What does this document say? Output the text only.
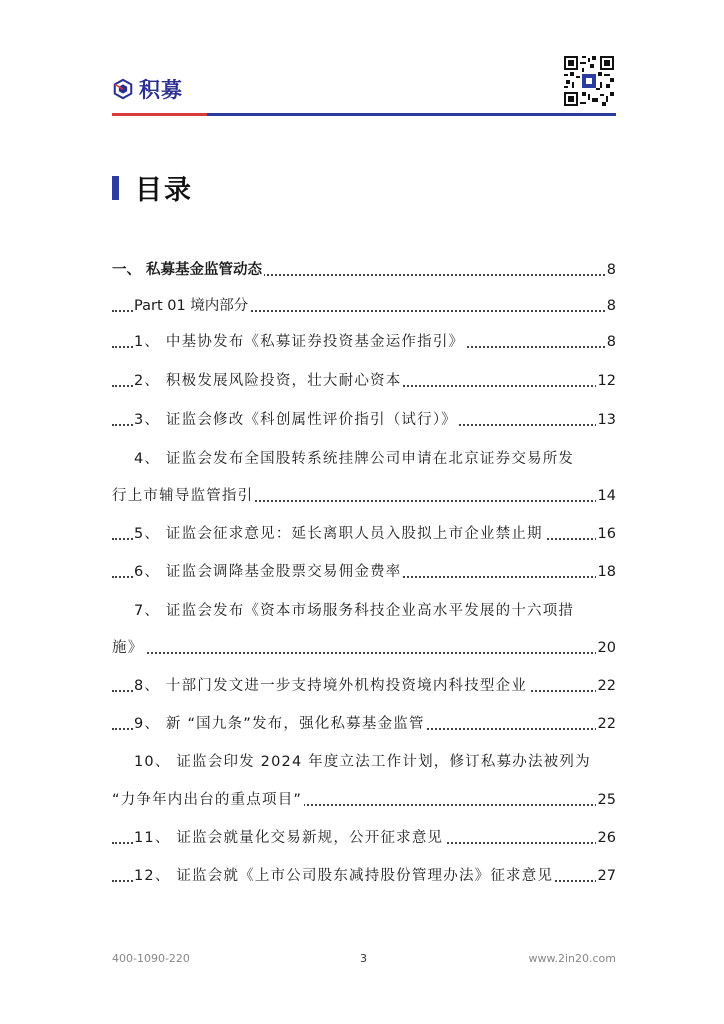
积募
目录
一、 私募基金监管动态	8
Part 01 境内部分	8
1、 中基协发布《私募证券投资基金运作指引》	8
2、 积极发展风险投资，壮大耐心资本	12
3、 证监会修改《科创属性评价指引（试行）》	13
4、 证监会发布全国股转系统挂牌公司申请在北京证券交易所发
行上市辅导监管指引	14
5、 证监会征求意见：延长离职人员入股拟上市企业禁止期	16
6、 证监会调降基金股票交易佣金费率	18
7、 证监会发布《资本市场服务科技企业高水平发展的十六项措
施》	20
8、 十部门发文进一步支持境外机构投资境内科技型企业	22
9、 新 “国九条”发布，强化私募基金监管	22
10、 证监会印发 2024 年度立法工作计划，修订私募办法被列为
“力争年内出台的重点项目”	25
11、 证监会就量化交易新规，公开征求意见	26
12、 证监会就《上市公司股东减持股份管理办法》征求意见	27
400-1090-220	3	www.2in20.com
